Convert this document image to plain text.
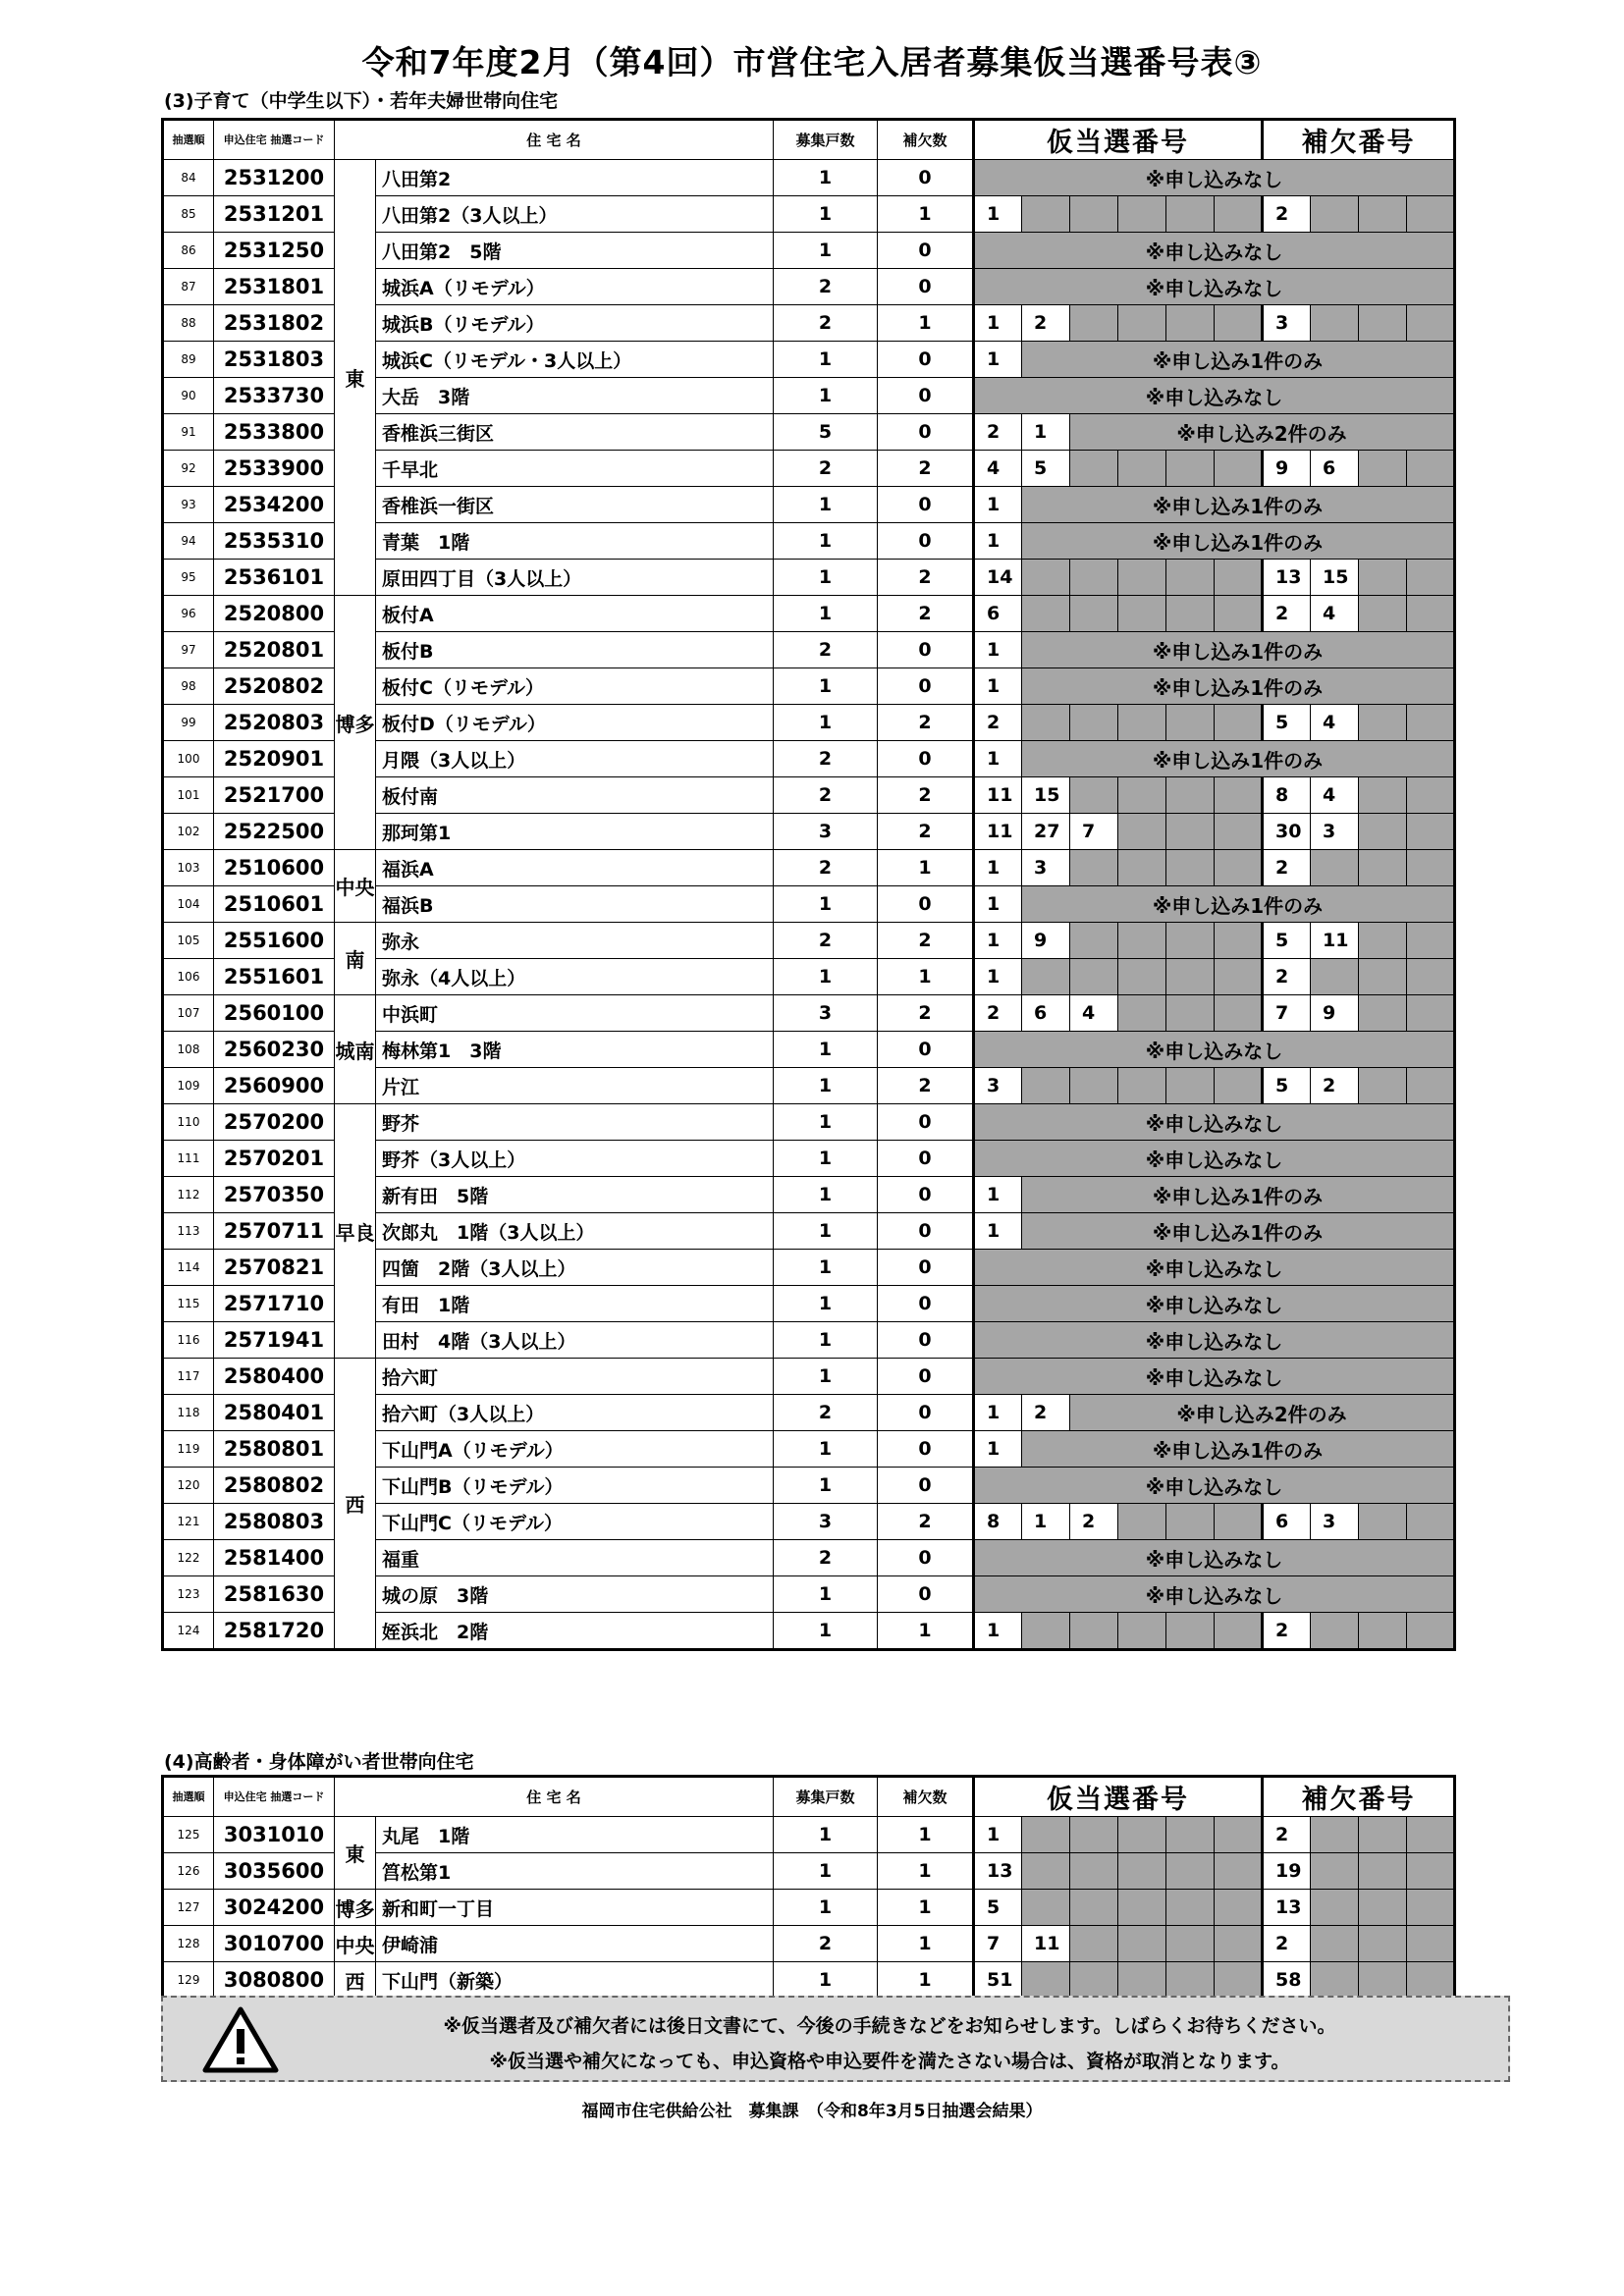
令和7年度2月（第4回）市営住宅入居者募集仮当選番号表③
(3)子育て（中学生以下）・若年夫婦世帯向住宅
抽選順	申込住宅 抽選コード	住 宅 名		募集戸数	補欠数	仮当選番号						補欠番号			
84	2531200	東	八田第2	1	0	※申し込みなし									
85	2531201		八田第2（3人以上）	1	1	1						2			
86	2531250		八田第2　5階	1	0	※申し込みなし									
87	2531801		城浜A（リモデル）	2	0	※申し込みなし									
88	2531802		城浜B（リモデル）	2	1	1	2					3			
89	2531803		城浜C（リモデル・3人以上）	1	0	1	※申し込み1件のみ								
90	2533730		大岳　3階	1	0	※申し込みなし									
91	2533800		香椎浜三街区	5	0	2	1	※申し込み2件のみ							
92	2533900		千早北	2	2	4	5					9	6		
93	2534200		香椎浜一街区	1	0	1	※申し込み1件のみ								
94	2535310		青葉　1階	1	0	1	※申し込み1件のみ								
95	2536101		原田四丁目（3人以上）	1	2	14						13	15		
96	2520800	博多	板付A	1	2	6						2	4		
97	2520801		板付B	2	0	1	※申し込み1件のみ								
98	2520802		板付C（リモデル）	1	0	1	※申し込み1件のみ								
99	2520803		板付D（リモデル）	1	2	2						5	4		
100	2520901		月隈（3人以上）	2	0	1	※申し込み1件のみ								
101	2521700		板付南	2	2	11	15					8	4		
102	2522500		那珂第1	3	2	11	27	7				30	3		
103	2510600	中央	福浜A	2	1	1	3					2			
104	2510601		福浜B	1	0	1	※申し込み1件のみ								
105	2551600	南	弥永	2	2	1	9					5	11		
106	2551601		弥永（4人以上）	1	1	1						2			
107	2560100	城南	中浜町	3	2	2	6	4				7	9		
108	2560230		梅林第1　3階	1	0	※申し込みなし									
109	2560900		片江	1	2	3						5	2		
110	2570200	早良	野芥	1	0	※申し込みなし									
111	2570201		野芥（3人以上）	1	0	※申し込みなし									
112	2570350		新有田　5階	1	0	1	※申し込み1件のみ								
113	2570711		次郎丸　1階（3人以上）	1	0	1	※申し込み1件のみ								
114	2570821		四箇　2階（3人以上）	1	0	※申し込みなし									
115	2571710		有田　1階	1	0	※申し込みなし									
116	2571941		田村　4階（3人以上）	1	0	※申し込みなし									
117	2580400	西	拾六町	1	0	※申し込みなし									
118	2580401		拾六町（3人以上）	2	0	1	2	※申し込み2件のみ							
119	2580801		下山門A（リモデル）	1	0	1	※申し込み1件のみ								
120	2580802		下山門B（リモデル）	1	0	※申し込みなし									
121	2580803		下山門C（リモデル）	3	2	8	1	2				6	3		
122	2581400		福重	2	0	※申し込みなし									
123	2581630		城の原　3階	1	0	※申し込みなし									
124	2581720		姪浜北　2階	1	1	1						2			
(4)高齢者・身体障がい者世帯向住宅
抽選順	申込住宅 抽選コード	住 宅 名		募集戸数	補欠数	仮当選番号						補欠番号			
125	3031010	東	丸尾　1階	1	1	1						2			
126	3035600		筥松第1	1	1	13						19			
127	3024200	博多	新和町一丁目	1	1	5						13			
128	3010700	中央	伊崎浦	2	1	7	11					2			
129	3080800	西	下山門（新築）	1	1	51						58			
※仮当選者及び補欠者には後日文書にて、今後の手続きなどをお知らせします。しばらくお待ちください。
※仮当選や補欠になっても、申込資格や申込要件を満たさない場合は、資格が取消となります。
福岡市住宅供給公社　募集課　（令和8年3月5日抽選会結果）
